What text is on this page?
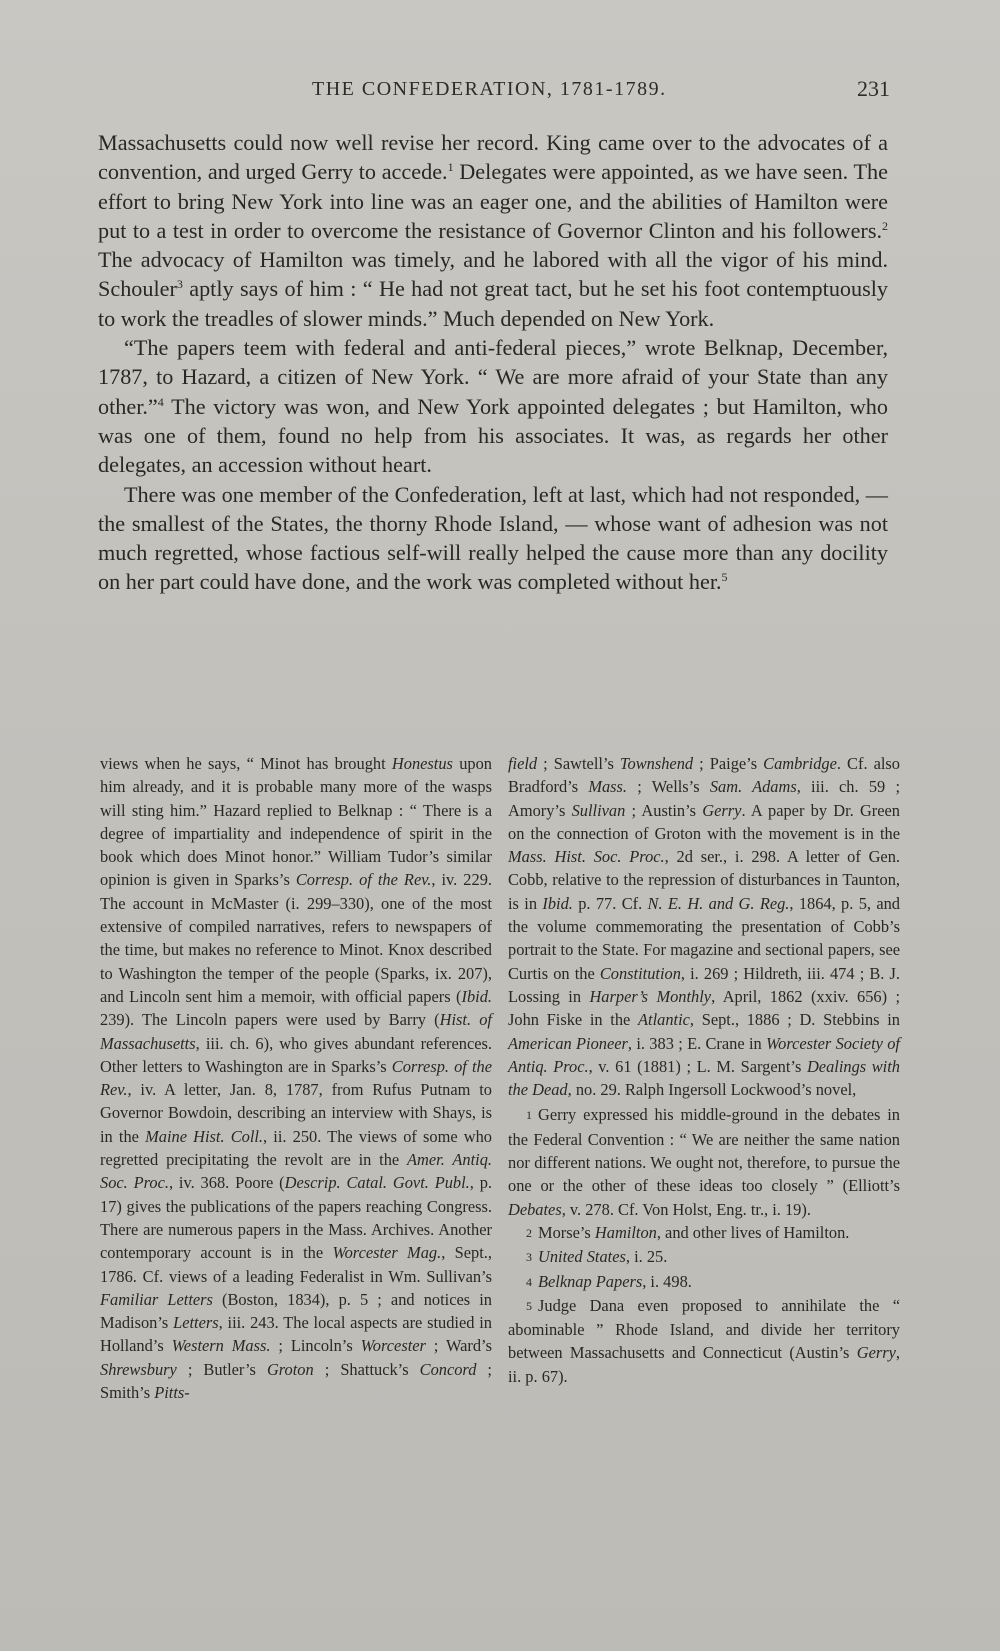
THE CONFEDERATION, 1781-1789.	231

Massachusetts could now well revise her record. King came over to the advocates of a convention, and urged Gerry to accede.$^1$ Delegates were appointed, as we have seen. The effort to bring New York into line was an eager one, and the abilities of Hamilton were put to a test in order to overcome the resistance of Governor Clinton and his followers.$^2$ The advocacy of Hamilton was timely, and he labored with all the vigor of his mind. Schouler$^3$ aptly says of him : “ He had not great tact, but he set his foot contemptuously to work the treadles of slower minds.” Much depended on New York.

“The papers teem with federal and anti-federal pieces,” wrote Belknap, December, 1787, to Hazard, a citizen of New York. “ We are more afraid of your State than any other.”$^4$ The victory was won, and New York appointed delegates ; but Hamilton, who was one of them, found no help from his associates. It was, as regards her other delegates, an accession without heart.

There was one member of the Confederation, left at last, which had not responded, — the smallest of the States, the thorny Rhode Island, — whose want of adhesion was not much regretted, whose factious self-will really helped the cause more than any docility on her part could have done, and the work was completed without her.$^5$

views when he says, “ Minot has brought Honestus upon him already, and it is probable many more of the wasps will sting him.” Hazard replied to Belknap : “ There is a degree of impartiality and independence of spirit in the book which does Minot honor.” William Tudor’s similar opinion is given in Sparks’s Corresp. of the Rev., iv. 229. The account in McMaster (i. 299–330), one of the most extensive of compiled narratives, refers to newspapers of the time, but makes no reference to Minot. Knox described to Washington the temper of the people (Sparks, ix. 207), and Lincoln sent him a memoir, with official papers (Ibid. 239). The Lincoln papers were used by Barry (Hist. of Massachusetts, iii. ch. 6), who gives abundant references. Other letters to Washington are in Sparks’s Corresp. of the Rev., iv. A letter, Jan. 8, 1787, from Rufus Putnam to Governor Bowdoin, describing an interview with Shays, is in the Maine Hist. Coll., ii. 250. The views of some who regretted precipitating the revolt are in the Amer. Antiq. Soc. Proc., iv. 368. Poore (Descrip. Catal. Govt. Publ., p. 17) gives the publications of the papers reaching Congress. There are numerous papers in the Mass. Archives. Another contemporary account is in the Worcester Mag., Sept., 1786. Cf. views of a leading Federalist in Wm. Sullivan’s Familiar Letters (Boston, 1834), p. 5 ; and notices in Madison’s Letters, iii. 243. The local aspects are studied in Holland’s Western Mass. ; Lincoln’s Worcester ; Ward’s Shrewsbury ; Butler’s Groton ; Shattuck’s Concord ; Smith’s Pitts-

field ; Sawtell’s Townshend ; Paige’s Cambridge. Cf. also Bradford’s Mass. ; Wells’s Sam. Adams, iii. ch. 59 ; Amory’s Sullivan ; Austin’s Gerry. A paper by Dr. Green on the connection of Groton with the movement is in the Mass. Hist. Soc. Proc., 2d ser., i. 298. A letter of Gen. Cobb, relative to the repression of disturbances in Taunton, is in Ibid. p. 77. Cf. N. E. H. and G. Reg., 1864, p. 5, and the volume commemorating the presentation of Cobb’s portrait to the State. For magazine and sectional papers, see Curtis on the Constitution, i. 269 ; Hildreth, iii. 474 ; B. J. Lossing in Harper’s Monthly, April, 1862 (xxiv. 656) ; John Fiske in the Atlantic, Sept., 1886 ; D. Stebbins in American Pioneer, i. 383 ; E. Crane in Worcester Society of Antiq. Proc., v. 61 (1881) ; L. M. Sargent’s Dealings with the Dead, no. 29. Ralph Ingersoll Lockwood’s novel,

1 Gerry expressed his middle-ground in the debates in the Federal Convention : “ We are neither the same nation nor different nations. We ought not, therefore, to pursue the one or the other of these ideas too closely ” (Elliott’s Debates, v. 278. Cf. Von Holst, Eng. tr., i. 19).

2 Morse’s Hamilton, and other lives of Hamilton.

3 United States, i. 25.

4 Belknap Papers, i. 498.

5 Judge Dana even proposed to annihilate the “ abominable ” Rhode Island, and divide her territory between Massachusetts and Connecticut (Austin’s Gerry, ii. p. 67).
